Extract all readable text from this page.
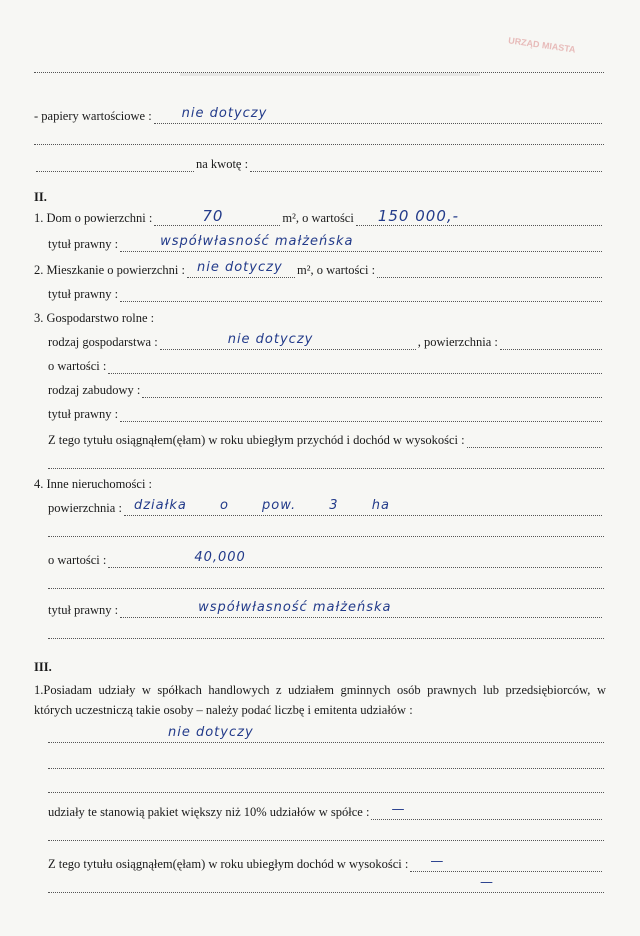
URZĄD MIASTA
- papiery wartościowe : nie dotyczy
na kwotę :
II.
1. Dom o powierzchni :	70	m², o wartości 150 000,-
tytuł prawny :	współwłasność małżeńska
2. Mieszkanie o powierzchni : nie dotyczy m², o wartości :
tytuł prawny :
3. Gospodarstwo rolne :
rodzaj gospodarstwa :	nie dotyczy	, powierzchnia :
o wartości :
rodzaj zabudowy :
tytuł prawny :
Z tego tytułu osiągnąłem(ęłam) w roku ubiegłym przychód i dochód w wysokości :
4. Inne nieruchomości :
powierzchnia : działka o pow. 3 ha
o wartości :	40,000
tytuł prawny :	współwłasność małżeńska
III.
1.Posiadam udziały w spółkach handlowych z udziałem gminnych osób prawnych lub przedsiębiorców, w których uczestniczą takie osoby – należy podać liczbę i emitenta udziałów :
nie dotyczy
udziały te stanowią pakiet większy niż 10% udziałów w spółce : —
Z tego tytułu osiągnąłem(ęłam) w roku ubiegłym dochód w wysokości : —
—
